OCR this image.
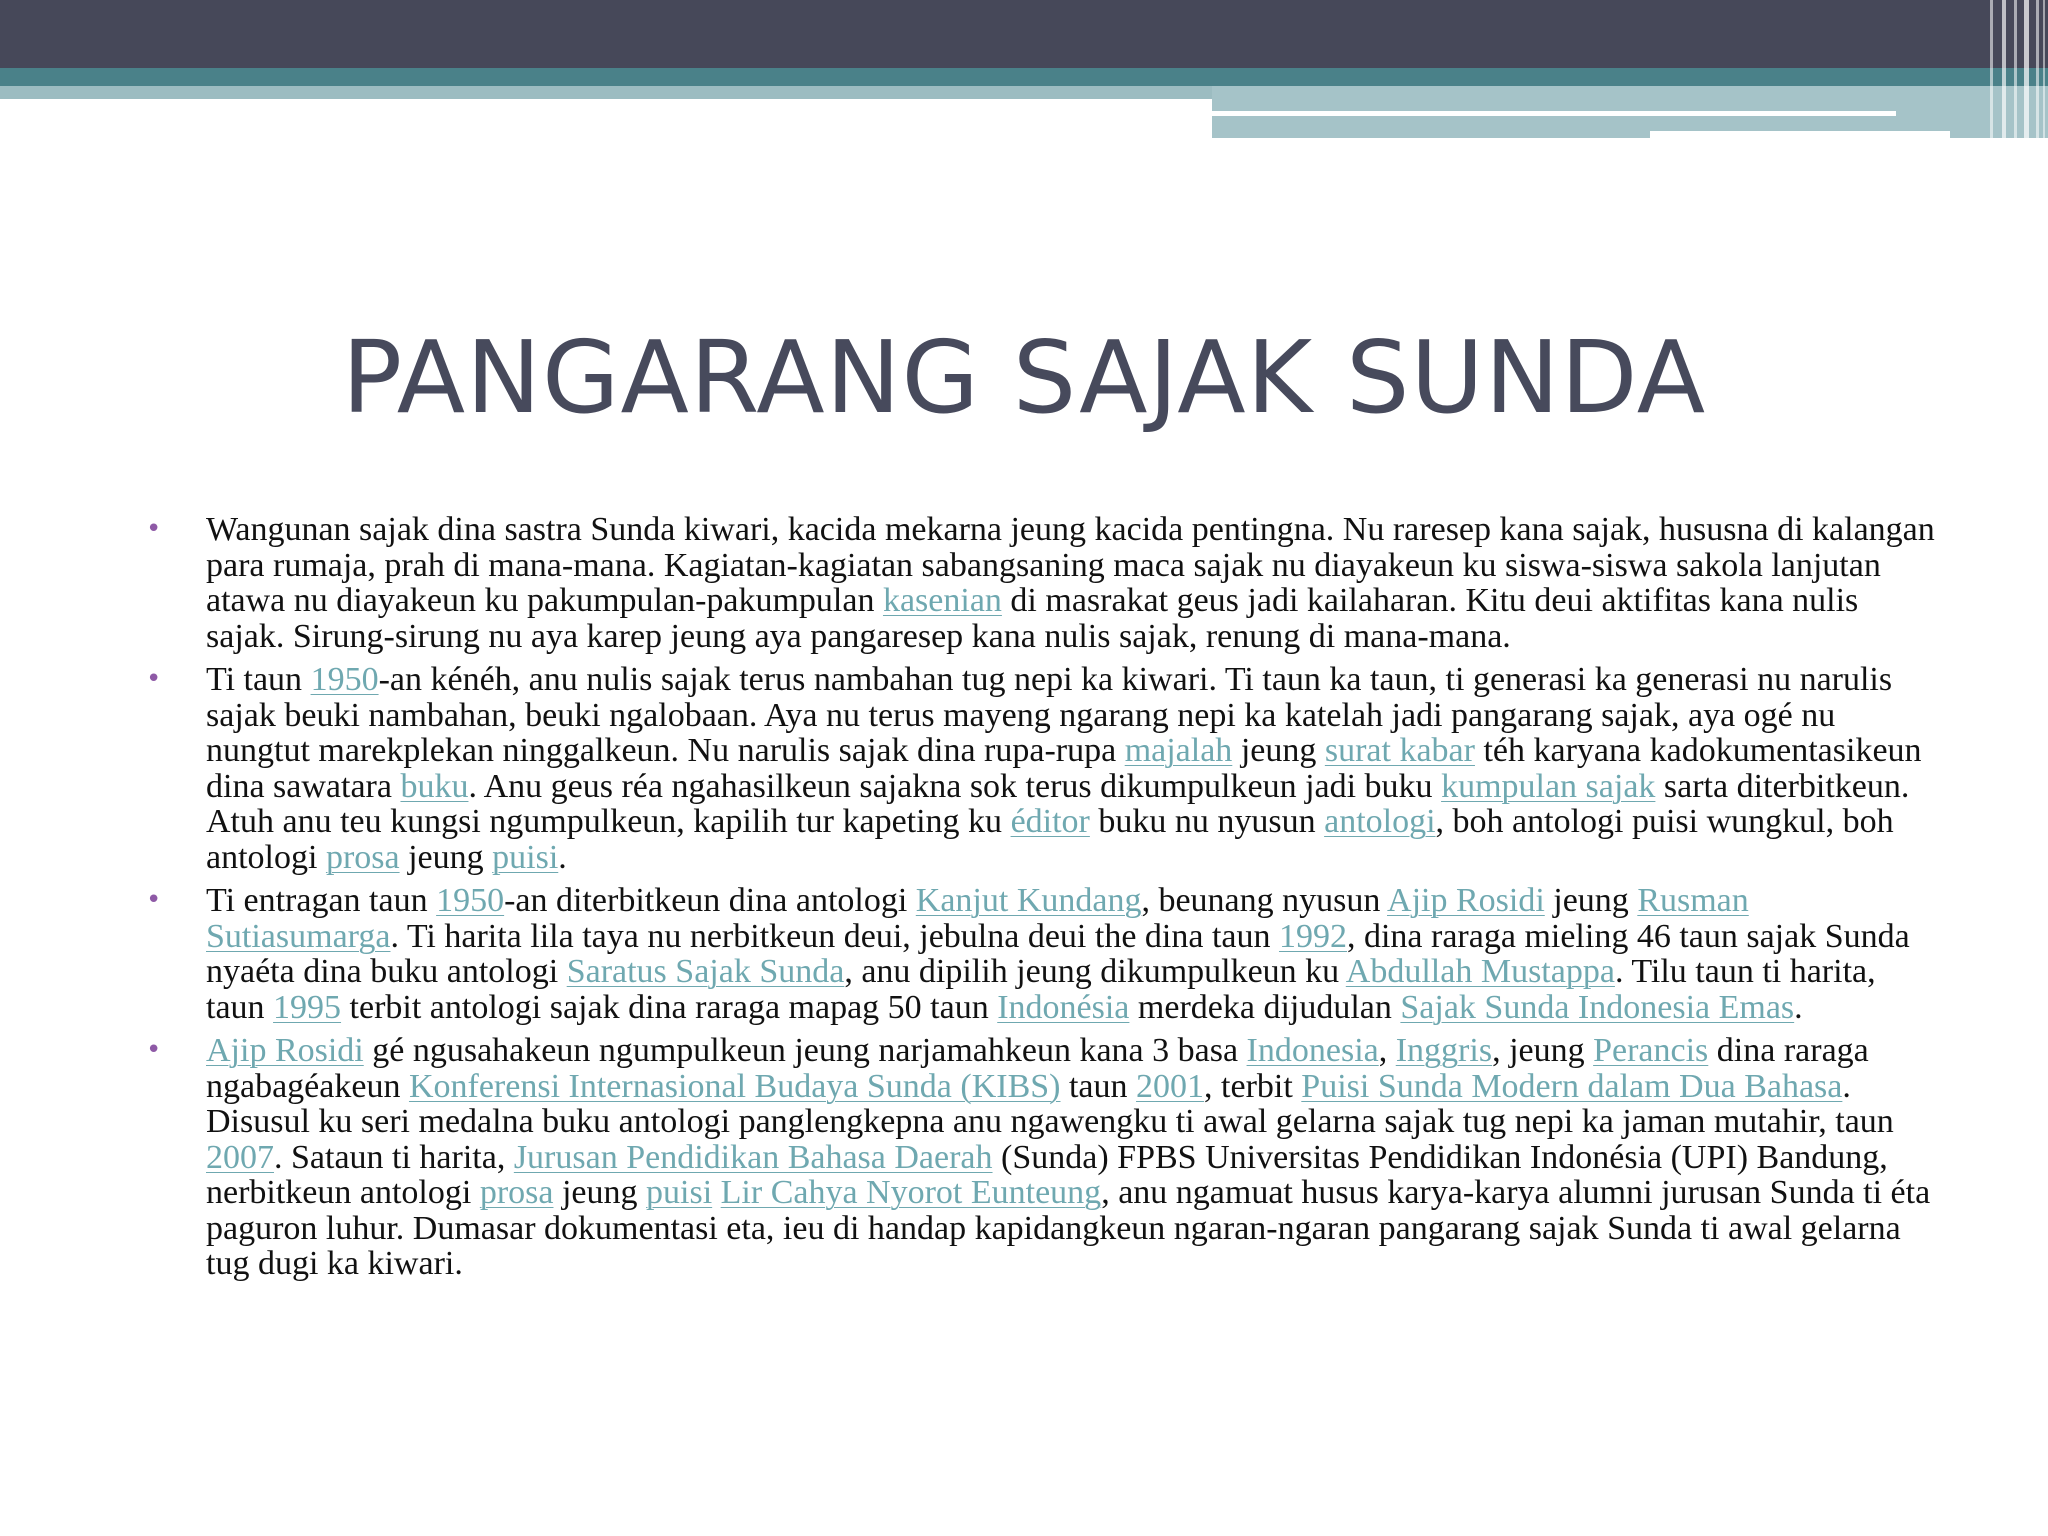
PANGARANG SAJAK SUNDA
• Wangunan sajak dina sastra Sunda kiwari, kacida mekarna jeung kacida pentingna. Nu raresep kana sajak, hususna di kalangan para rumaja, prah di mana-mana. Kagiatan-kagiatan sabangsaning maca sajak nu diayakeun ku siswa-siswa sakola lanjutan atawa nu diayakeun ku pakumpulan-pakumpulan kasenian di masrakat geus jadi kailaharan. Kitu deui aktifitas kana nulis sajak. Sirung-sirung nu aya karep jeung aya pangaresep kana nulis sajak, renung di mana-mana.
• Ti taun 1950-an kénéh, anu nulis sajak terus nambahan tug nepi ka kiwari. Ti taun ka taun, ti generasi ka generasi nu narulis sajak beuki nambahan, beuki ngalobaan. Aya nu terus mayeng ngarang nepi ka katelah jadi pangarang sajak, aya ogé nu nungtut marekplekan ninggalkeun. Nu narulis sajak dina rupa-rupa majalah jeung surat kabar téh karyana kadokumentasikeun dina sawatara buku. Anu geus réa ngahasilkeun sajakna sok terus dikumpulkeun jadi buku kumpulan sajak sarta diterbitkeun. Atuh anu teu kungsi ngumpulkeun, kapilih tur kapeting ku éditor buku nu nyusun antologi, boh antologi puisi wungkul, boh antologi prosa jeung puisi.
• Ti entragan taun 1950-an diterbitkeun dina antologi Kanjut Kundang, beunang nyusun Ajip Rosidi jeung Rusman Sutiasumarga. Ti harita lila taya nu nerbitkeun deui, jebulna deui the dina taun 1992, dina raraga mieling 46 taun sajak Sunda nyaéta dina buku antologi Saratus Sajak Sunda, anu dipilih jeung dikumpulkeun ku Abdullah Mustappa. Tilu taun ti harita, taun 1995 terbit antologi sajak dina raraga mapag 50 taun Indonésia merdeka dijudulan Sajak Sunda Indonesia Emas.
• Ajip Rosidi gé ngusahakeun ngumpulkeun jeung narjamahkeun kana 3 basa Indonesia, Inggris, jeung Perancis dina raraga ngabagéakeun Konferensi Internasional Budaya Sunda (KIBS) taun 2001, terbit Puisi Sunda Modern dalam Dua Bahasa. Disusul ku seri medalna buku antologi panglengkepna anu ngawengku ti awal gelarna sajak tug nepi ka jaman mutahir, taun 2007. Sataun ti harita, Jurusan Pendidikan Bahasa Daerah (Sunda) FPBS Universitas Pendidikan Indonésia (UPI) Bandung, nerbitkeun antologi prosa jeung puisi Lir Cahya Nyorot Eunteung, anu ngamuat husus karya-karya alumni jurusan Sunda ti éta paguron luhur. Dumasar dokumentasi eta, ieu di handap kapidangkeun ngaran-ngaran pangarang sajak Sunda ti awal gelarna tug dugi ka kiwari.
